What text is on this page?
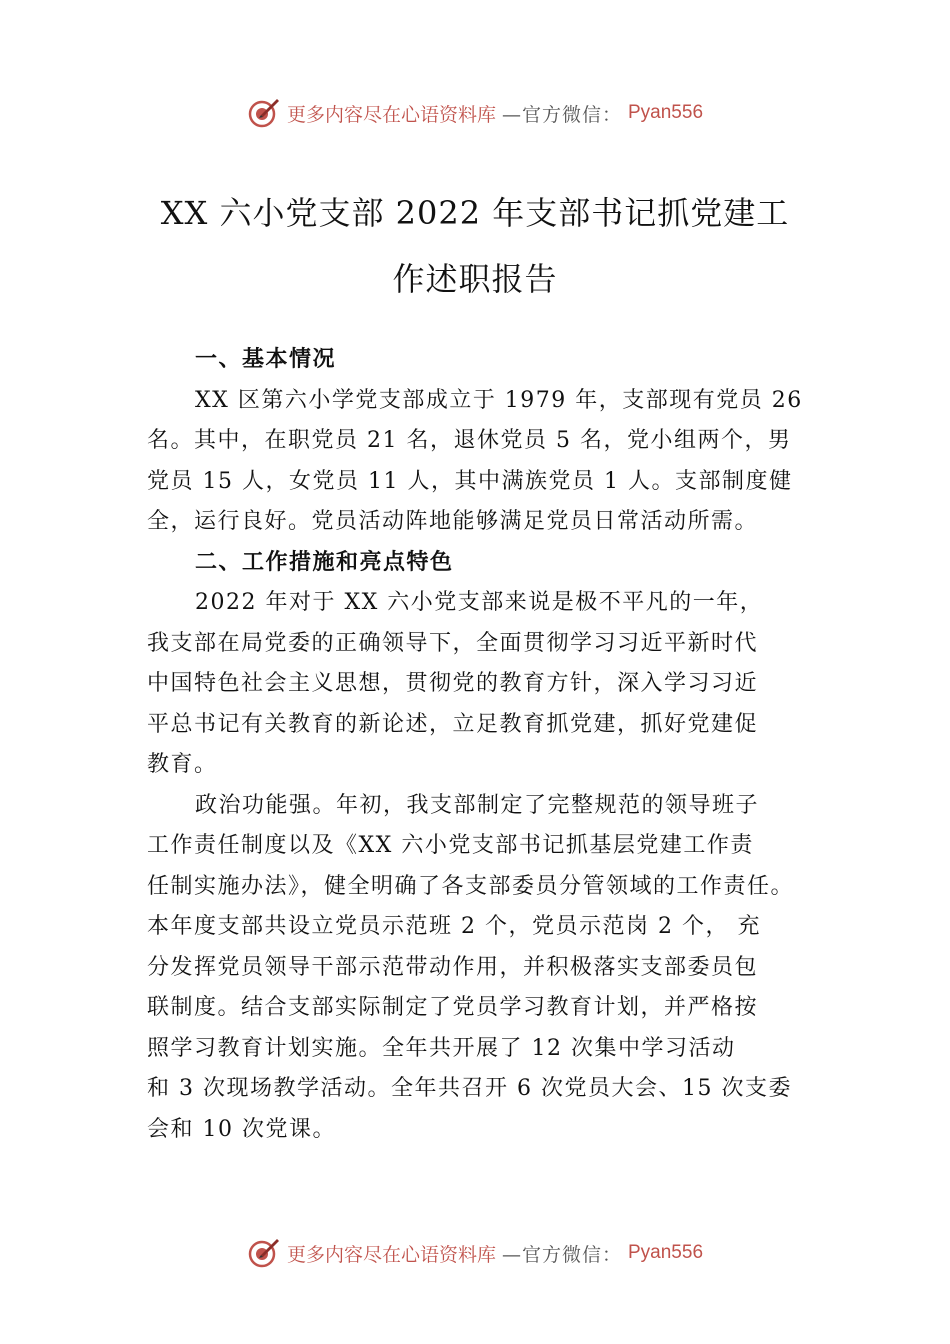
更多内容尽在心语资料库 —官方微信： Pyan556
XX 六小党支部 2022 年支部书记抓党建工
作述职报告
一、基本情况
XX 区第六小学党支部成立于 1979 年，支部现有党员 26
名。其中，在职党员 21 名，退休党员 5 名，党小组两个，男
党员 15 人，女党员 11 人，其中满族党员 1 人。支部制度健
全，运行良好。党员活动阵地能够满足党员日常活动所需。
二、工作措施和亮点特色
2022 年对于 XX 六小党支部来说是极不平凡的一年，
我支部在局党委的正确领导下，全面贯彻学习习近平新时代
中国特色社会主义思想，贯彻党的教育方针，深入学习习近
平总书记有关教育的新论述，立足教育抓党建，抓好党建促
教育。
政治功能强。年初，我支部制定了完整规范的领导班子
工作责任制度以及《XX 六小党支部书记抓基层党建工作责
任制实施办法》，健全明确了各支部委员分管领域的工作责任。
本年度支部共设立党员示范班 2 个，党员示范岗 2 个， 充
分发挥党员领导干部示范带动作用，并积极落实支部委员包
联制度。结合支部实际制定了党员学习教育计划，并严格按
照学习教育计划实施。全年共开展了 12 次集中学习活动
和 3 次现场教学活动。全年共召开 6 次党员大会、15 次支委
会和 10 次党课。
更多内容尽在心语资料库 —官方微信： Pyan556
